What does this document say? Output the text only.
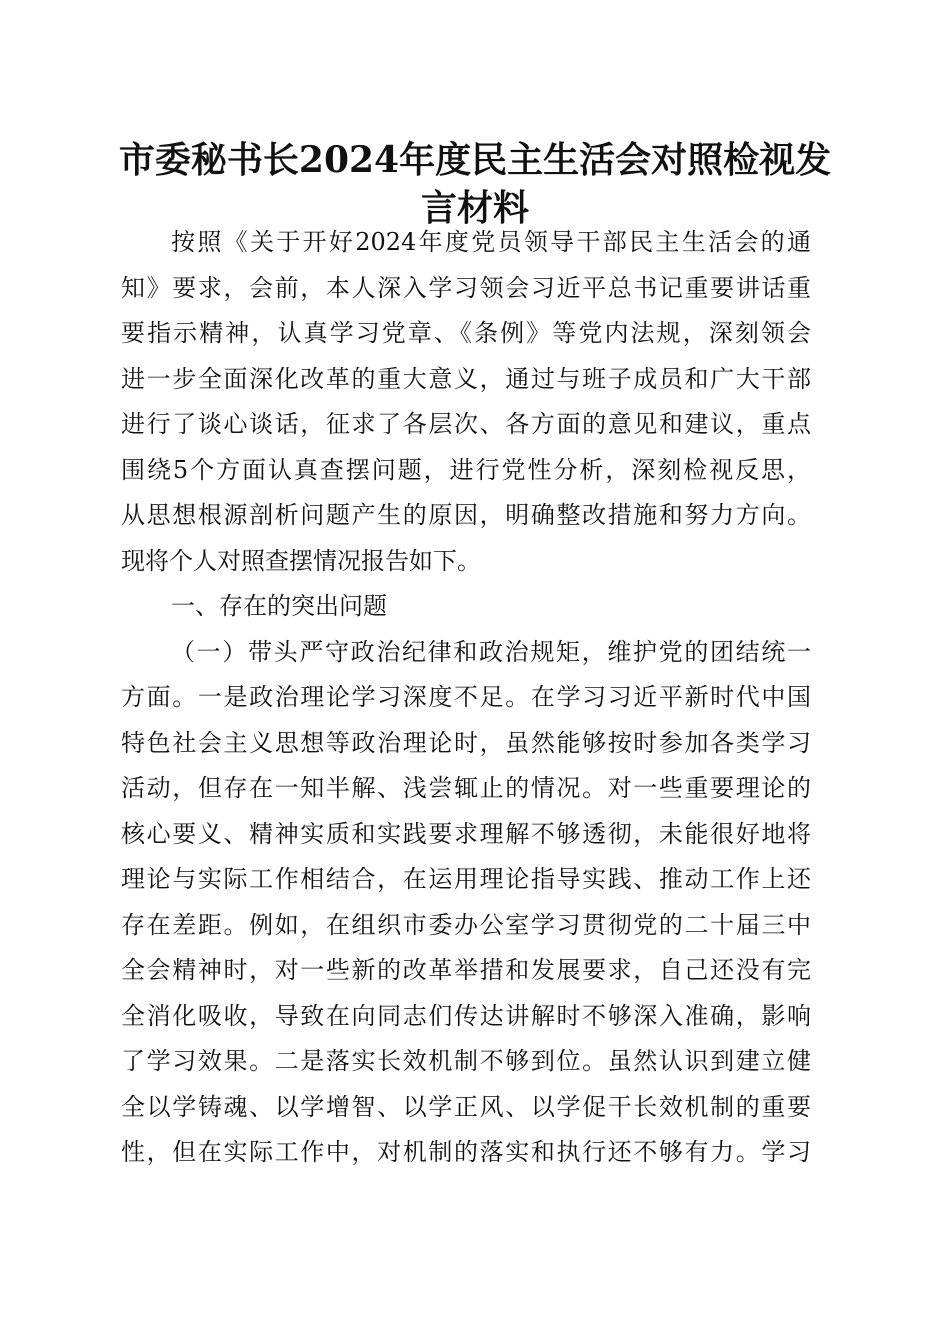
市委秘书长2024年度民主生活会对照检视发
言材料
按照《关于开好2024年度党员领导干部民主生活会的通
知》要求，会前，本人深入学习领会习近平总书记重要讲话重
要指示精神，认真学习党章、《条例》等党内法规，深刻领会
进一步全面深化改革的重大意义，通过与班子成员和广大干部
进行了谈心谈话，征求了各层次、各方面的意见和建议，重点
围绕5个方面认真查摆问题，进行党性分析，深刻检视反思，
从思想根源剖析问题产生的原因，明确整改措施和努力方向。
现将个人对照查摆情况报告如下。
一、存在的突出问题
（一）带头严守政治纪律和政治规矩，维护党的团结统一
方面。一是政治理论学习深度不足。在学习习近平新时代中国
特色社会主义思想等政治理论时，虽然能够按时参加各类学习
活动，但存在一知半解、浅尝辄止的情况。对一些重要理论的
核心要义、精神实质和实践要求理解不够透彻，未能很好地将
理论与实际工作相结合，在运用理论指导实践、推动工作上还
存在差距。例如，在组织市委办公室学习贯彻党的二十届三中
全会精神时，对一些新的改革举措和发展要求，自己还没有完
全消化吸收，导致在向同志们传达讲解时不够深入准确，影响
了学习效果。二是落实长效机制不够到位。虽然认识到建立健
全以学铸魂、以学增智、以学正风、以学促干长效机制的重要
性，但在实际工作中，对机制的落实和执行还不够有力。学习
